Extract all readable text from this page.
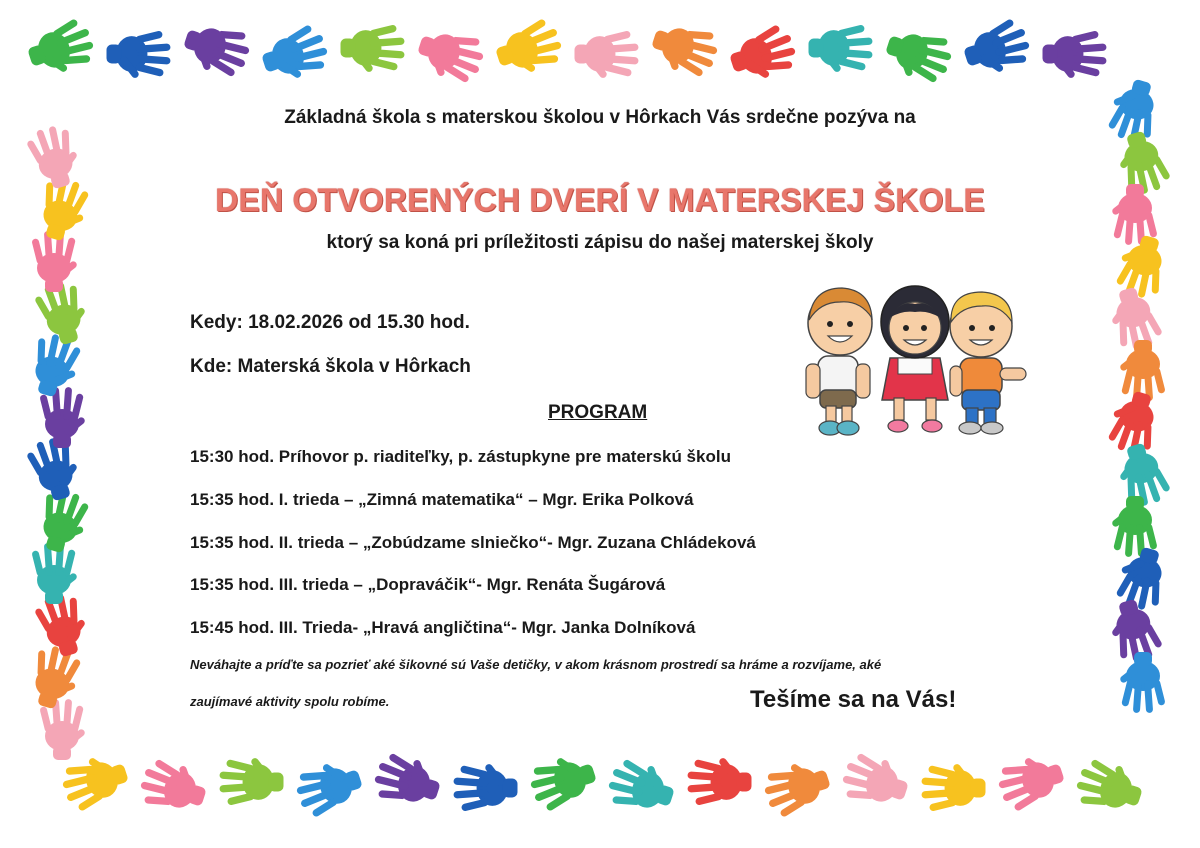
Základná škola s materskou školou v Hôrkach Vás srdečne pozýva na
DEŇ OTVORENÝCH DVERÍ V MATERSKEJ ŠKOLE
ktorý sa koná pri príležitosti zápisu do našej materskej školy
Kedy: 18.02.2026 od 15.30 hod.
Kde: Materská škola v Hôrkach
PROGRAM
15:30 hod. Príhovor p. riaditeľky, p. zástupkyne pre materskú školu
15:35 hod. I. trieda – „Zimná matematika“ – Mgr. Erika Polková
15:35 hod. II. trieda – „Zobúdzame slniečko“- Mgr. Zuzana Chládeková
15:35 hod. III. trieda – „Dopraváčik“- Mgr. Renáta Šugárová
15:45 hod. III. Trieda- „Hravá angličtina“- Mgr. Janka Dolníková
Neváhajte a príďte sa pozrieť aké šikovné sú Vaše detičky, v akom krásnom prostredí sa hráme a rozvíjame, aké
zaujímavé aktivity spolu robíme.	Tešíme sa na Vás!
